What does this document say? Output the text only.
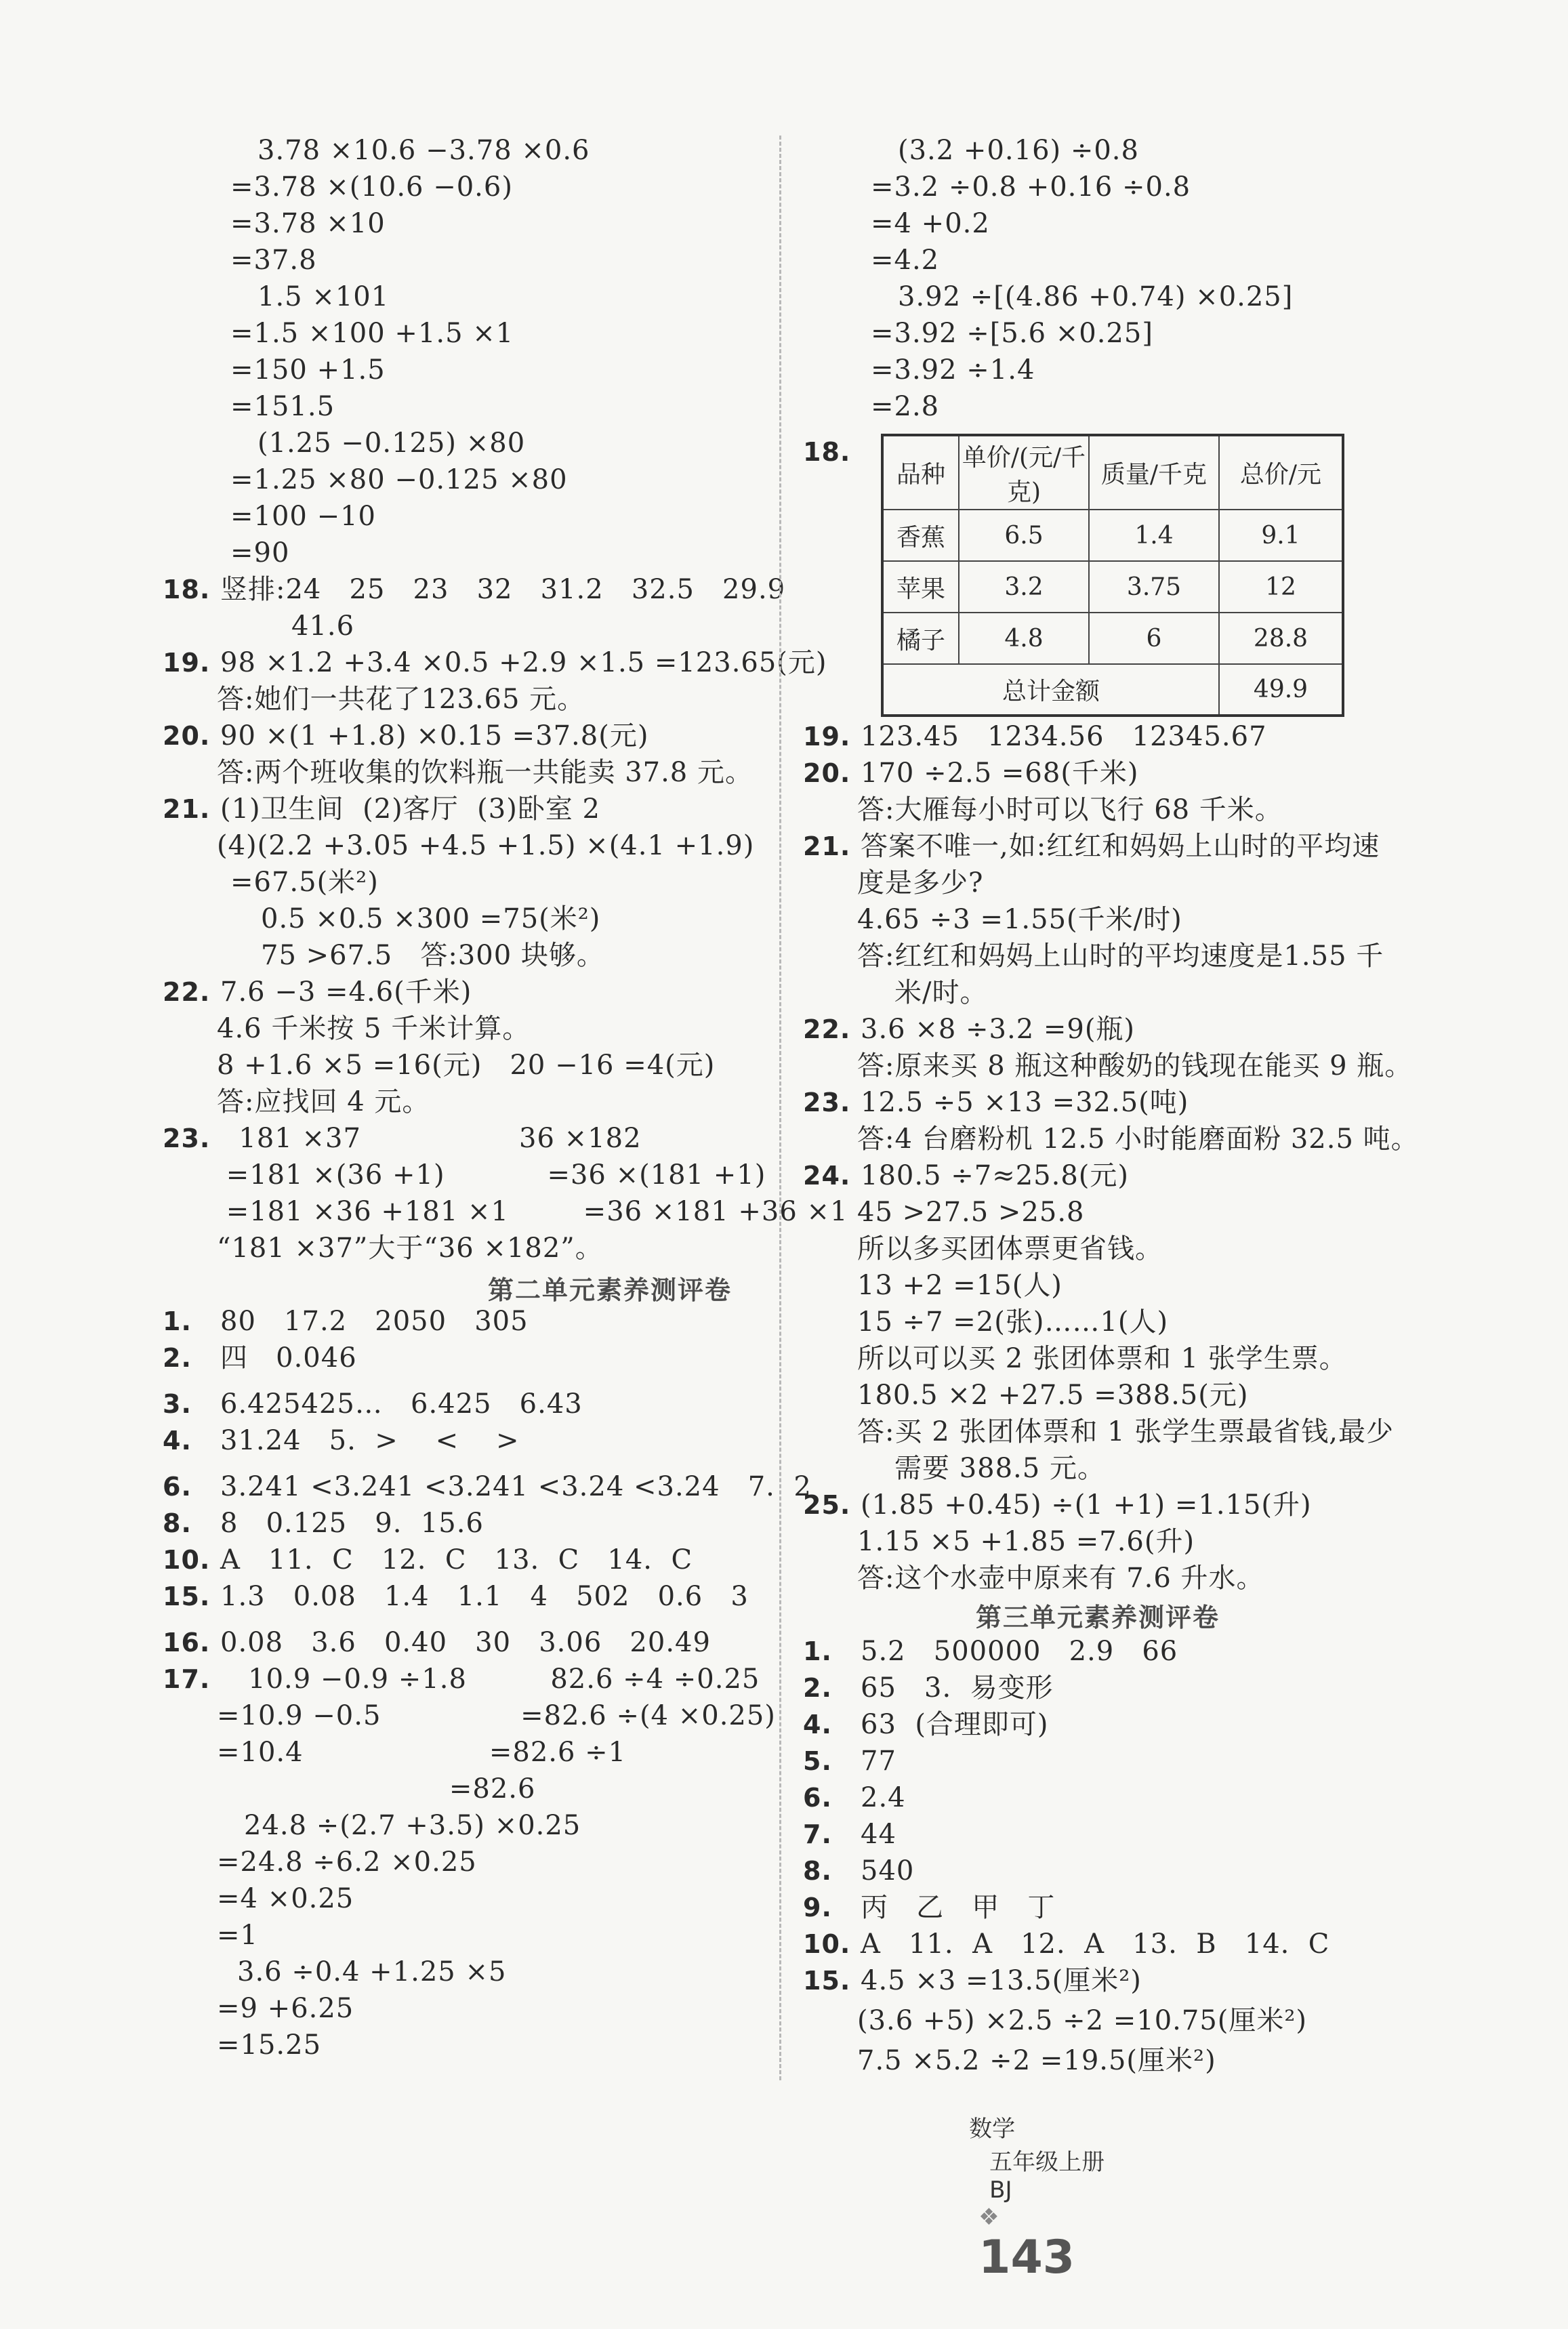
3.78 ×10.6 −3.78 ×0.6
=3.78 ×(10.6 −0.6)
=3.78 ×10
=37.8
1.5 ×101
=1.5 ×100 +1.5 ×1
=150 +1.5
=151.5
(1.25 −0.125) ×80
=1.25 ×80 −0.125 ×80
=100 −10
=90
18. 竖排:24   25   23   32   31.2   32.5   29.9
41.6
19. 98 ×1.2 +3.4 ×0.5 +2.9 ×1.5 =123.65(元)
答:她们一共花了123.65 元。
20. 90 ×(1 +1.8) ×0.15 =37.8(元)
答:两个班收集的饮料瓶一共能卖 37.8 元。
21. (1)卫生间  (2)客厅  (3)卧室 2
(4)(2.2 +3.05 +4.5 +1.5) ×(4.1 +1.9)
=67.5(米²)
0.5 ×0.5 ×300 =75(米²)
75 >67.5   答:300 块够。
22. 7.6 −3 =4.6(千米)
4.6 千米按 5 千米计算。
8 +1.6 ×5 =16(元)   20 −16 =4(元)
答:应找回 4 元。
23. 181 ×37                 36 ×182
=181 ×(36 +1)           =36 ×(181 +1)
=181 ×36 +181 ×1        =36 ×181 +36 ×1
“181 ×37”大于“36 ×182”。
1. 80   17.2   2050   305
2. 四   0.046
3. 6.425425…   6.425   6.43
4. 31.24   5.  >    <    >
6. 3.241 <3.241 <3.241 <3.24 <3.24   7.  2
8. 8   0.125   9.  15.6
10. A   11.  C   12.  C   13.  C   14.  C
15. 1.3   0.08   1.4   1.1   4   502   0.6   3
16. 0.08   3.6   0.40   30   3.06   20.49
17. 10.9 −0.9 ÷1.8         82.6 ÷4 ÷0.25
=10.9 −0.5               =82.6 ÷(4 ×0.25)
=10.4                    =82.6 ÷1
=82.6
24.8 ÷(2.7 +3.5) ×0.25
=24.8 ÷6.2 ×0.25
=4 ×0.25
=1
3.6 ÷0.4 +1.25 ×5
=9 +6.25
=15.25
18.
品种	单价/(元/千克)	质量/千克	总价/元
香蕉	6.5	1.4	9.1
苹果	3.2	3.75	12
橘子	4.8	6	28.8
总计金额			49.9
(3.2 +0.16) ÷0.8
=3.2 ÷0.8 +0.16 ÷0.8
=4 +0.2
=4.2
3.92 ÷[(4.86 +0.74) ×0.25]
=3.92 ÷[5.6 ×0.25]
=3.92 ÷1.4
=2.8
19. 123.45   1234.56   12345.67
20. 170 ÷2.5 =68(千米)
答:大雁每小时可以飞行 68 千米。
21. 答案不唯一,如:红红和妈妈上山时的平均速
度是多少?
4.65 ÷3 =1.55(千米/时)
答:红红和妈妈上山时的平均速度是1.55 千
米/时。
22. 3.6 ×8 ÷3.2 =9(瓶)
答:原来买 8 瓶这种酸奶的钱现在能买 9 瓶。
23. 12.5 ÷5 ×13 =32.5(吨)
答:4 台磨粉机 12.5 小时能磨面粉 32.5 吨。
24. 180.5 ÷7≈25.8(元)
45 >27.5 >25.8
所以多买团体票更省钱。
13 +2 =15(人)
15 ÷7 =2(张)……1(人)
所以可以买 2 张团体票和 1 张学生票。
180.5 ×2 +27.5 =388.5(元)
答:买 2 张团体票和 1 张学生票最省钱,最少
需要 388.5 元。
25. (1.85 +0.45) ÷(1 +1) =1.15(升)
1.15 ×5 +1.85 =7.6(升)
答:这个水壶中原来有 7.6 升水。
1. 5.2   500000   2.9   66
2. 65   3.  易变形
4. 63  (合理即可)
5. 77
6. 2.4
7. 44
8. 540
9. 丙   乙   甲   丁
10. A   11.  A   12.  A   13.  B   14.  C
15. 4.5 ×3 =13.5(厘米²)
(3.6 +5) ×2.5 ÷2 =10.75(厘米²)
7.5 ×5.2 ÷2 =19.5(厘米²)
第二单元素养测评卷
第三单元素养测评卷

数学
五年级上册
BJ
❖
143
